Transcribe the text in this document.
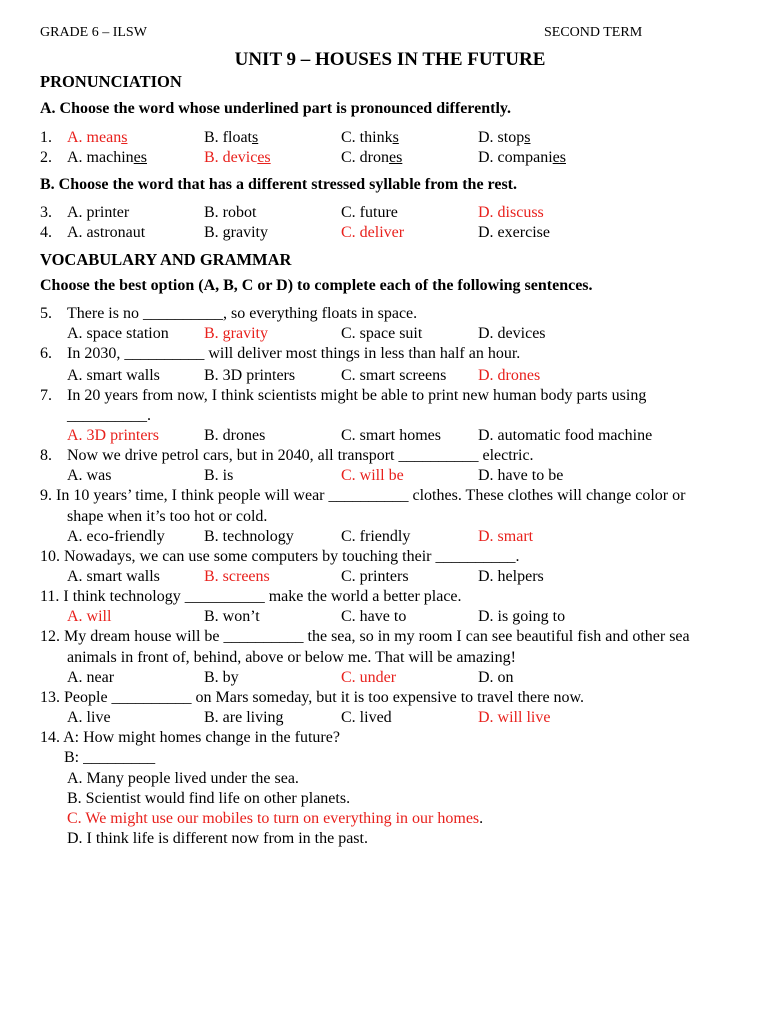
GRADE 6 – ILSW	SECOND TERM
UNIT 9 – HOUSES IN THE FUTURE
PRONUNCIATION
A. Choose the word whose underlined part is pronounced differently.
1. A. means	B. floats	C. thinks	D. stops
2. A. machines	B. devices	C. drones	D. companies
B. Choose the word that has a different stressed syllable from the rest.
3. A. printer	B. robot	C. future	D. discuss
4. A. astronaut	B. gravity	C. deliver	D. exercise
VOCABULARY AND GRAMMAR
Choose the best option (A, B, C or D) to complete each of the following sentences.
5. There is no __________, so everything floats in space.
A. space station B. gravity	C. space suit	D. devices
6. In 2030, __________ will deliver most things in less than half an hour.
A. smart walls	B. 3D printers	C. smart screens D. drones
7. In 20 years from now, I think scientists might be able to print new human body parts using
__________.
A. 3D printers	B. drones	C. smart homes D. automatic food machine
8. Now we drive petrol cars, but in 2040, all transport __________ electric.
A. was	B. is	C. will be	D. have to be
9. In 10 years’ time, I think people will wear __________ clothes. These clothes will change color or
shape when it’s too hot or cold.
A. eco-friendly B. technology	C. friendly	D. smart
10. Nowadays, we can use some computers by touching their __________.
A. smart walls	B. screens	C. printers	D. helpers
11. I think technology __________ make the world a better place.
A. will	B. won’t	C. have to	D. is going to
12. My dream house will be __________ the sea, so in my room I can see beautiful fish and other sea
animals in front of, behind, above or below me. That will be amazing!
A. near	B. by	C. under	D. on
13. People __________ on Mars someday, but it is too expensive to travel there now.
A. live	B. are living	C. lived	D. will live
14. A: How might homes change in the future?
B: _________
A. Many people lived under the sea.
B. Scientist would find life on other planets.
C. We might use our mobiles to turn on everything in our homes.
D. I think life is different now from in the past.
